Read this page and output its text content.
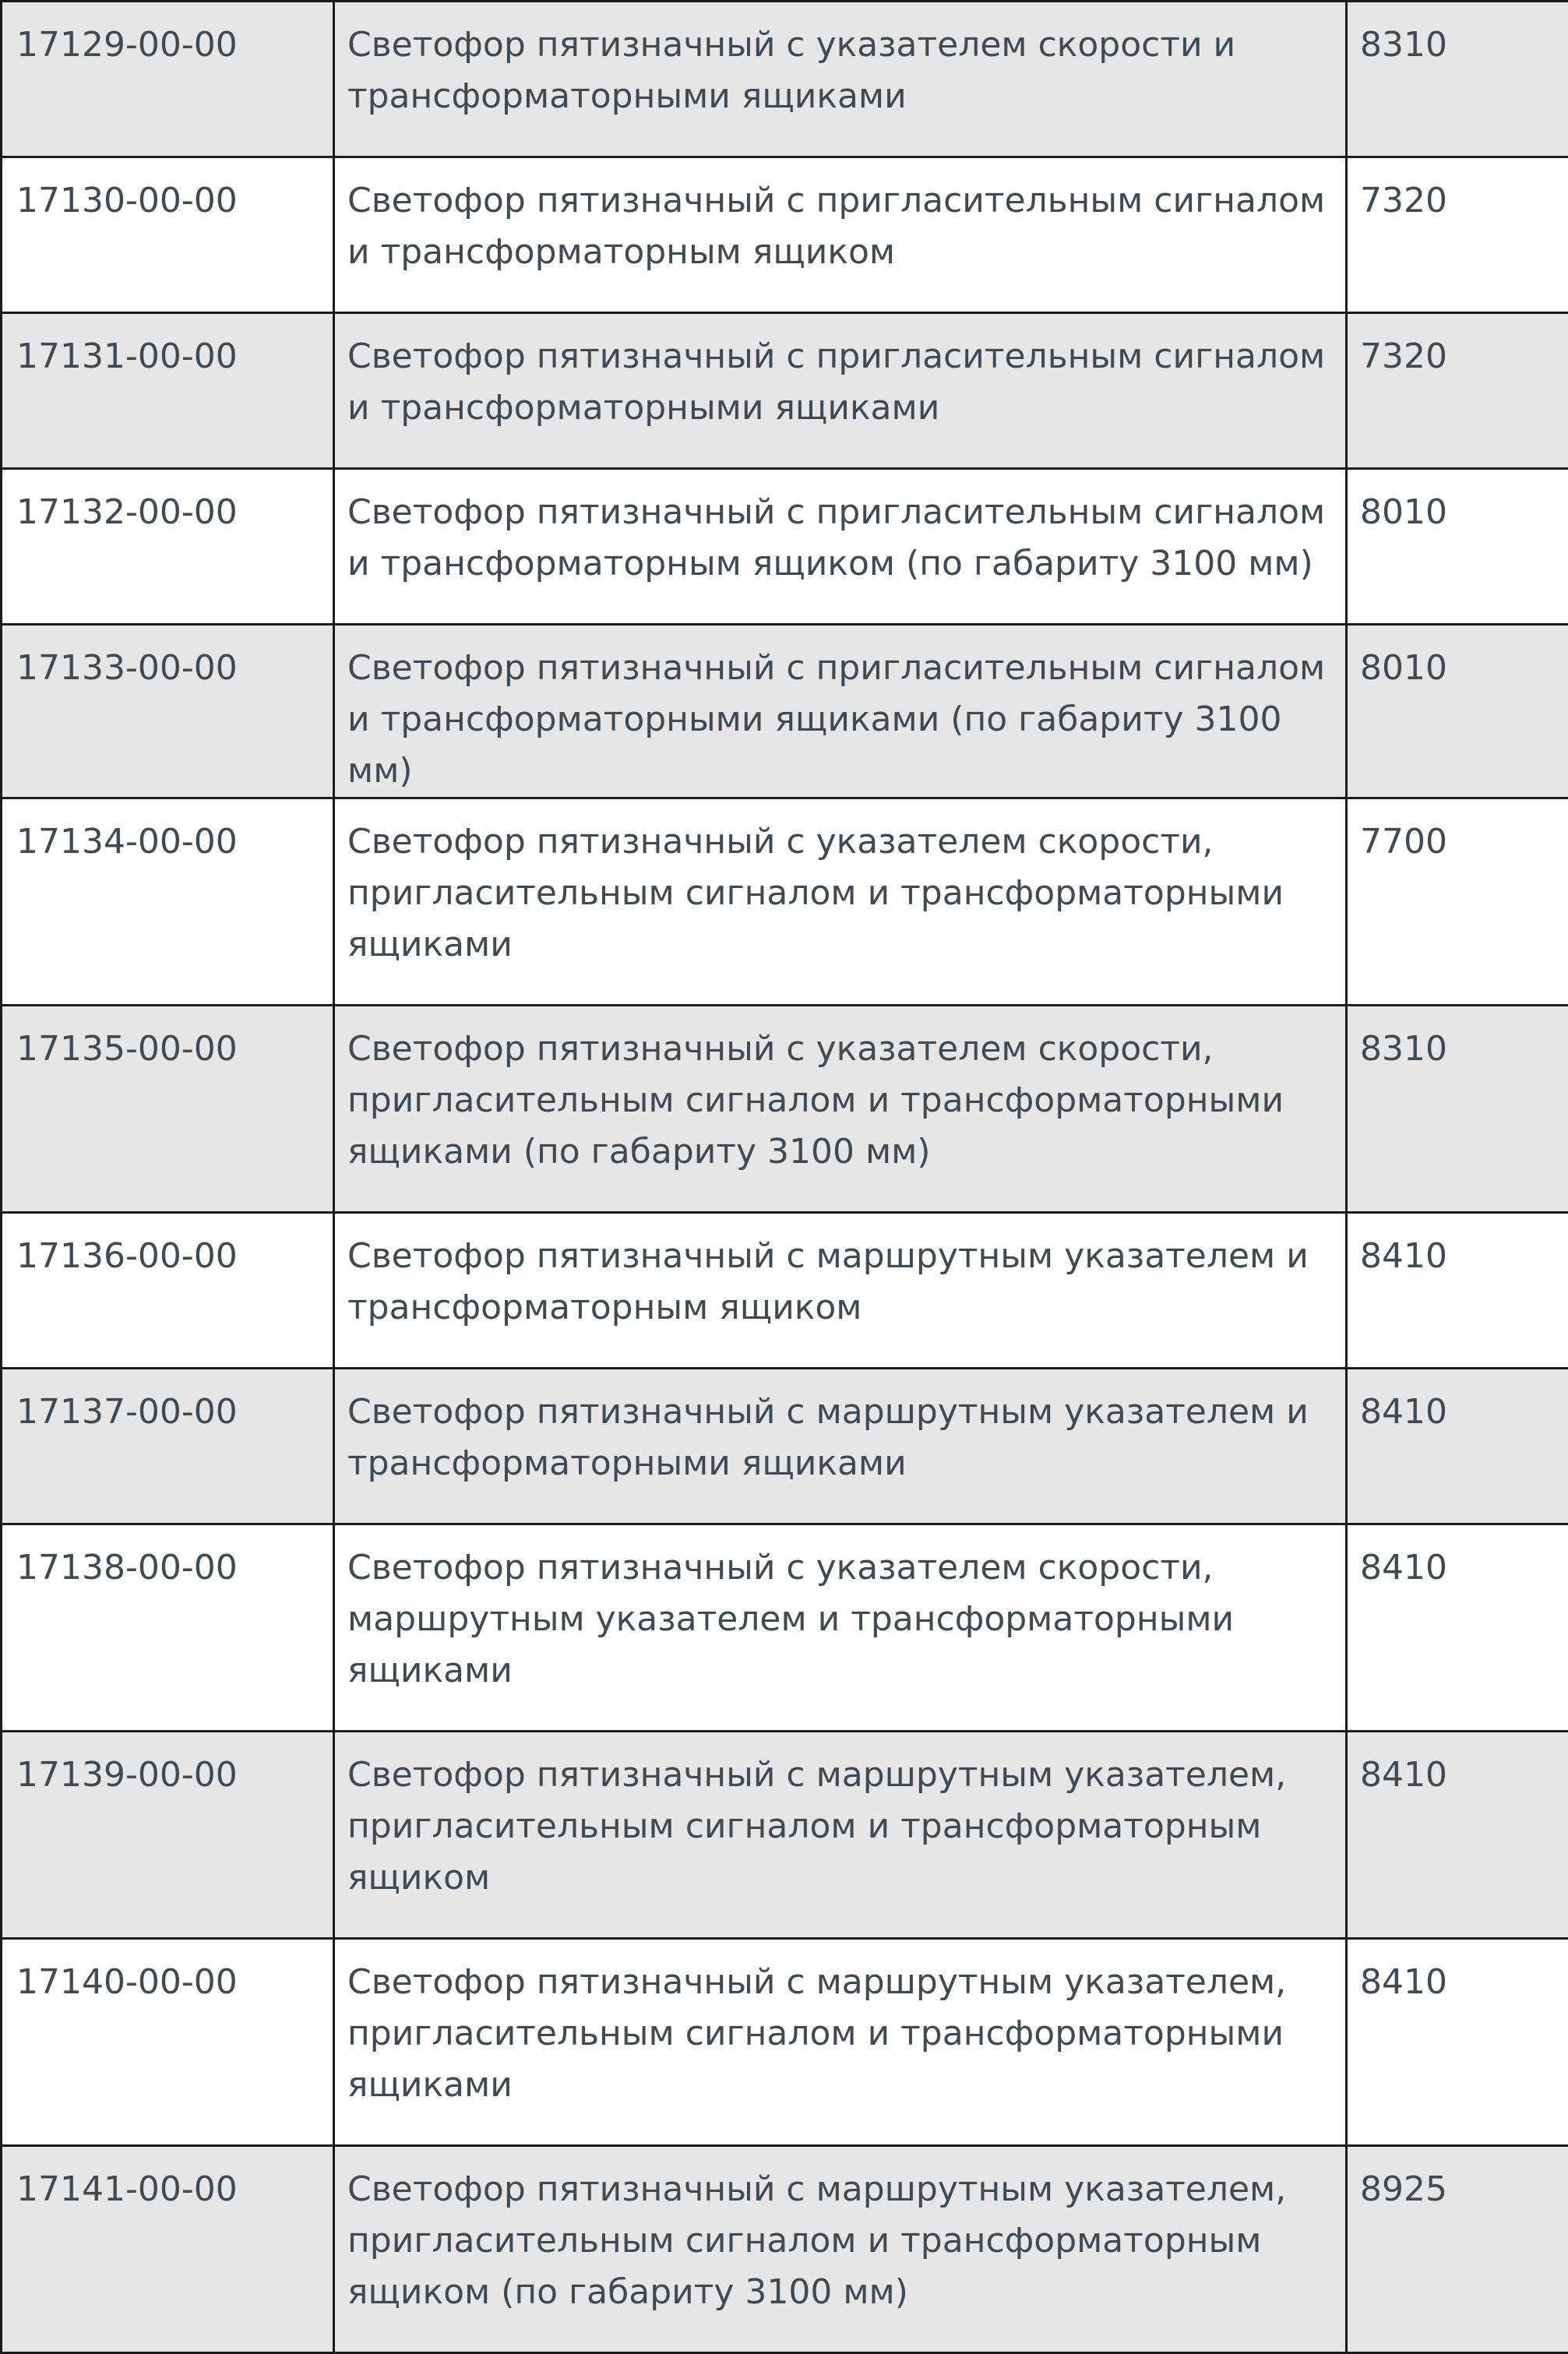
17129-00-00	Светофор пятизначный с указателем скорости и трансформаторными ящиками	8310
17130-00-00	Светофор пятизначный с пригласительным сигналом и трансформаторным ящиком	7320
17131-00-00	Светофор пятизначный с пригласительным сигналом и трансформаторными ящиками	7320
17132-00-00	Светофор пятизначный с пригласительным сигналом и трансформаторным ящиком (по габариту 3100 мм)	8010
17133-00-00	Светофор пятизначный с пригласительным сигналом и трансформаторными ящиками (по габариту 3100 мм)	8010
17134-00-00	Светофор пятизначный с указателем скорости, пригласительным сигналом и трансформаторными ящиками	7700
17135-00-00	Светофор пятизначный с указателем скорости, пригласительным сигналом и трансформаторными ящиками (по габариту 3100 мм)	8310
17136-00-00	Светофор пятизначный с маршрутным указателем и трансформаторным ящиком	8410
17137-00-00	Светофор пятизначный с маршрутным указателем и трансформаторными ящиками	8410
17138-00-00	Светофор пятизначный с указателем скорости, маршрутным указателем и трансформаторными ящиками	8410
17139-00-00	Светофор пятизначный с маршрутным указателем, пригласительным сигналом и трансформаторным ящиком	8410
17140-00-00	Светофор пятизначный с маршрутным указателем, пригласительным сигналом и трансформаторными ящиками	8410
17141-00-00	Светофор пятизначный с маршрутным указателем, пригласительным сигналом и трансформаторным ящиком (по габариту 3100 мм)	8925
